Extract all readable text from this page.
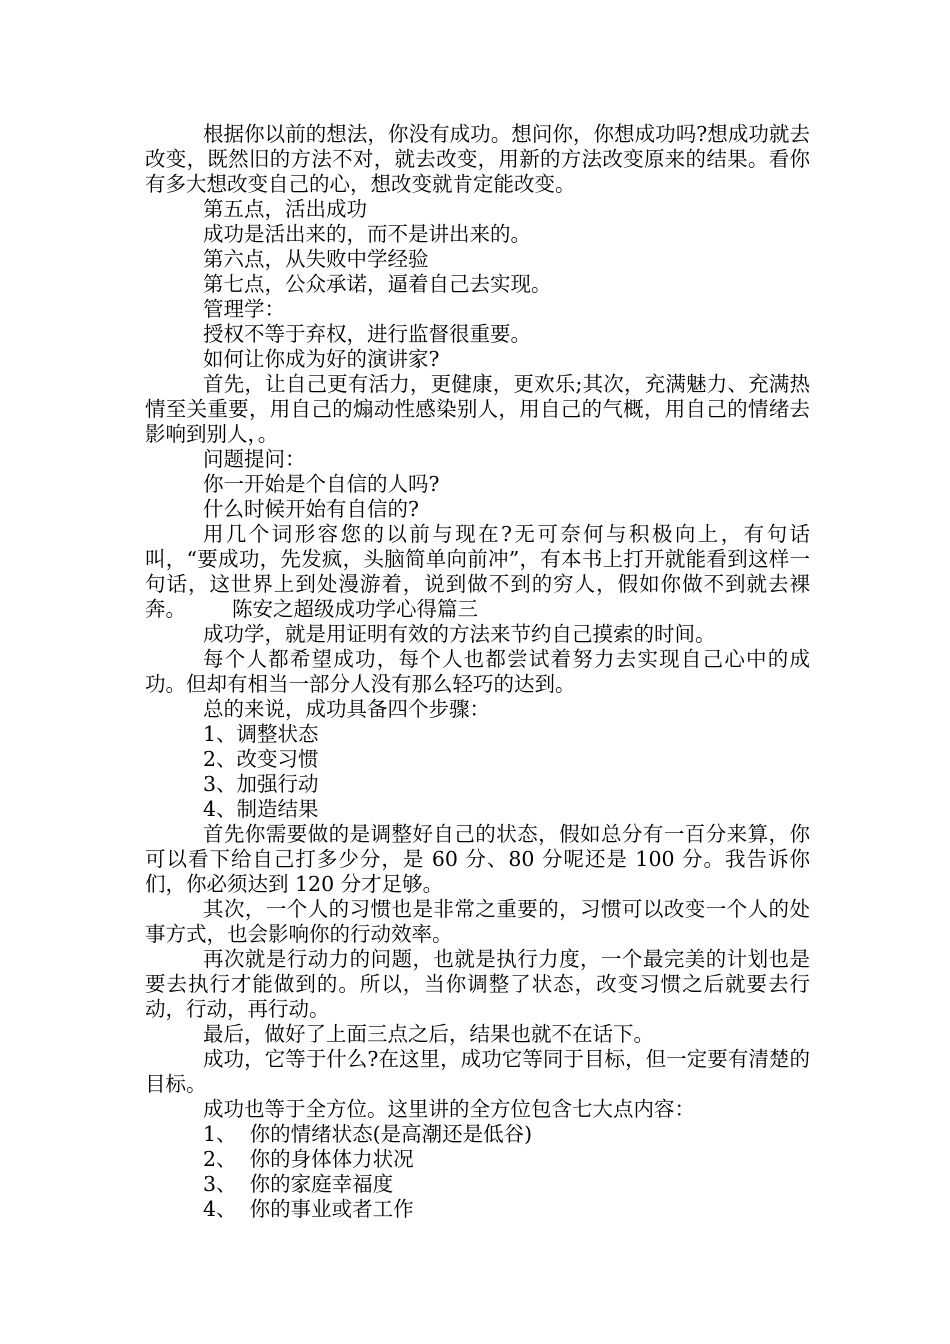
根据你以前的想法，你没有成功。想问你，你想成功吗?想成功就去改变，既然旧的方法不对，就去改变，用新的方法改变原来的结果。看你有多大想改变自己的心，想改变就肯定能改变。

第五点，活出成功

成功是活出来的，而不是讲出来的。

第六点，从失败中学经验

第七点，公众承诺，逼着自己去实现。

管理学：

授权不等于弃权，进行监督很重要。

如何让你成为好的演讲家?

首先，让自己更有活力，更健康，更欢乐;其次，充满魅力、充满热情至关重要，用自己的煽动性感染别人，用自己的气概，用自己的情绪去影响到别人，。

问题提问：

你一开始是个自信的人吗?

什么时候开始有自信的?

用几个词形容您的以前与现在?无可奈何与积极向上，有句话叫，“要成功，先发疯，头脑简单向前冲”，有本书上打开就能看到这样一句话，这世界上到处漫游着，说到做不到的穷人，假如你做不到就去裸奔。 陈安之超级成功学心得篇三

成功学，就是用证明有效的方法来节约自己摸索的时间。

每个人都希望成功，每个人也都尝试着努力去实现自己心中的成功。但却有相当一部分人没有那么轻巧的达到。

总的来说，成功具备四个步骤：

1、调整状态

2、改变习惯

3、加强行动

4、制造结果

首先你需要做的是调整好自己的状态，假如总分有一百分来算，你可以看下给自己打多少分，是 60 分、80 分呢还是 100 分。我告诉你们，你必须达到 120 分才足够。

其次，一个人的习惯也是非常之重要的，习惯可以改变一个人的处事方式，也会影响你的行动效率。

再次就是行动力的问题，也就是执行力度，一个最完美的计划也是要去执行才能做到的。所以，当你调整了状态，改变习惯之后就要去行动，行动，再行动。

最后，做好了上面三点之后，结果也就不在话下。

成功，它等于什么?在这里，成功它等同于目标，但一定要有清楚的目标。

成功也等于全方位。这里讲的全方位包含七大点内容：

1、  你的情绪状态(是高潮还是低谷)

2、  你的身体体力状况

3、  你的家庭幸福度

4、  你的事业或者工作
